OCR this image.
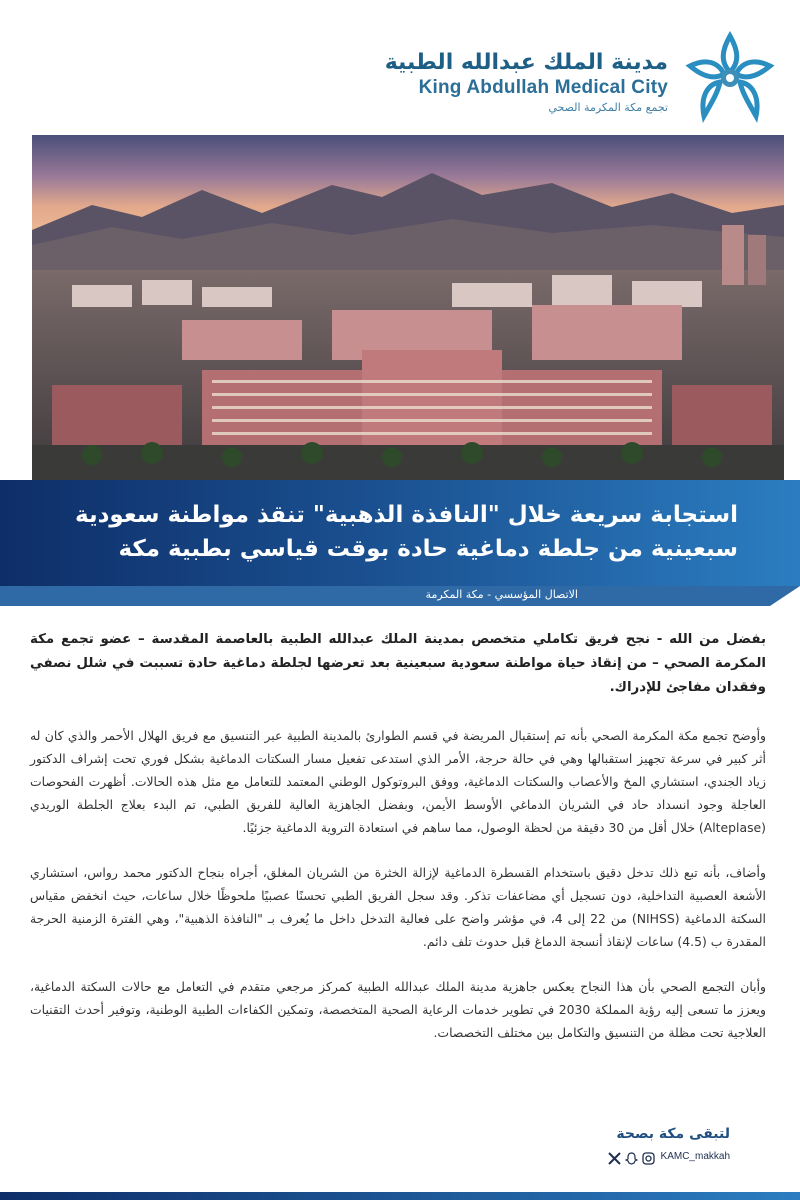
مدينة الملك عبدالله الطبية
King Abdullah Medical City
تجمع مكة المكرمة الصحي
استجابة سريعة خلال "النافذة الذهبية" تنقذ مواطنة سعودية
سبعينية من جلطة دماغية حادة بوقت قياسي بطبية مكة
الاتصال المؤسسي - مكة المكرمة

بفضل من الله - نجح فريق تكاملي متخصص بمدينة الملك عبدالله الطبية بالعاصمة المقدسة – عضو تجمع مكة المكرمة الصحي – من إنقاذ حياة مواطنة سعودية سبعينية بعد تعرضها لجلطة دماغية حادة تسببت في شلل نصفي وفقدان مفاجئ للإدراك.

وأوضح تجمع مكة المكرمة الصحي بأنه تم إستقبال المريضة في قسم الطوارئ بالمدينة الطبية عبر التنسيق مع فريق الهلال الأحمر والذي كان له أثر كبير في سرعة تجهيز استقبالها وهي في حالة حرجة، الأمر الذي استدعى تفعيل مسار السكتات الدماغية بشكل فوري تحت إشراف الدكتور زياد الجندي، استشاري المخ والأعصاب والسكتات الدماغية، ووفق البروتوكول الوطني المعتمد للتعامل مع مثل هذه الحالات. أظهرت الفحوصات العاجلة وجود انسداد حاد في الشريان الدماغي الأوسط الأيمن، وبفضل الجاهزية العالية للفريق الطبي، تم البدء بعلاج الجلطة الوريدي (Alteplase) خلال أقل من 30 دقيقة من لحظة الوصول، مما ساهم في استعادة التروية الدماغية جزئيًا.

وأضاف، بأنه تبع ذلك تدخل دقيق باستخدام القسطرة الدماغية لإزالة الخثرة من الشريان المغلق، أجراه بنجاح الدكتور محمد رواس، استشاري الأشعة العصبية التداخلية، دون تسجيل أي مضاعفات تذكر. وقد سجل الفريق الطبي تحسنًا عصبيًا ملحوظًا خلال ساعات، حيث انخفض مقياس السكتة الدماغية (NIHSS) من 22 إلى 4، في مؤشر واضح على فعالية التدخل داخل ما يُعرف بـ "النافذة الذهبية"، وهي الفترة الزمنية الحرجة المقدرة ب (4.5) ساعات لإنقاذ أنسجة الدماغ قبل حدوث تلف دائم.

وأبان التجمع الصحي بأن هذا النجاح يعكس جاهزية مدينة الملك عبدالله الطبية كمركز مرجعي متقدم في التعامل مع حالات السكتة الدماغية، ويعزز ما تسعى إليه رؤية المملكة 2030 في تطوير خدمات الرعاية الصحية المتخصصة، وتمكين الكفاءات الطبية الوطنية، وتوفير أحدث التقنيات العلاجية تحت مظلة من التنسيق والتكامل بين مختلف التخصصات.

لتبقى مكة بصحة
KAMC_makkah
